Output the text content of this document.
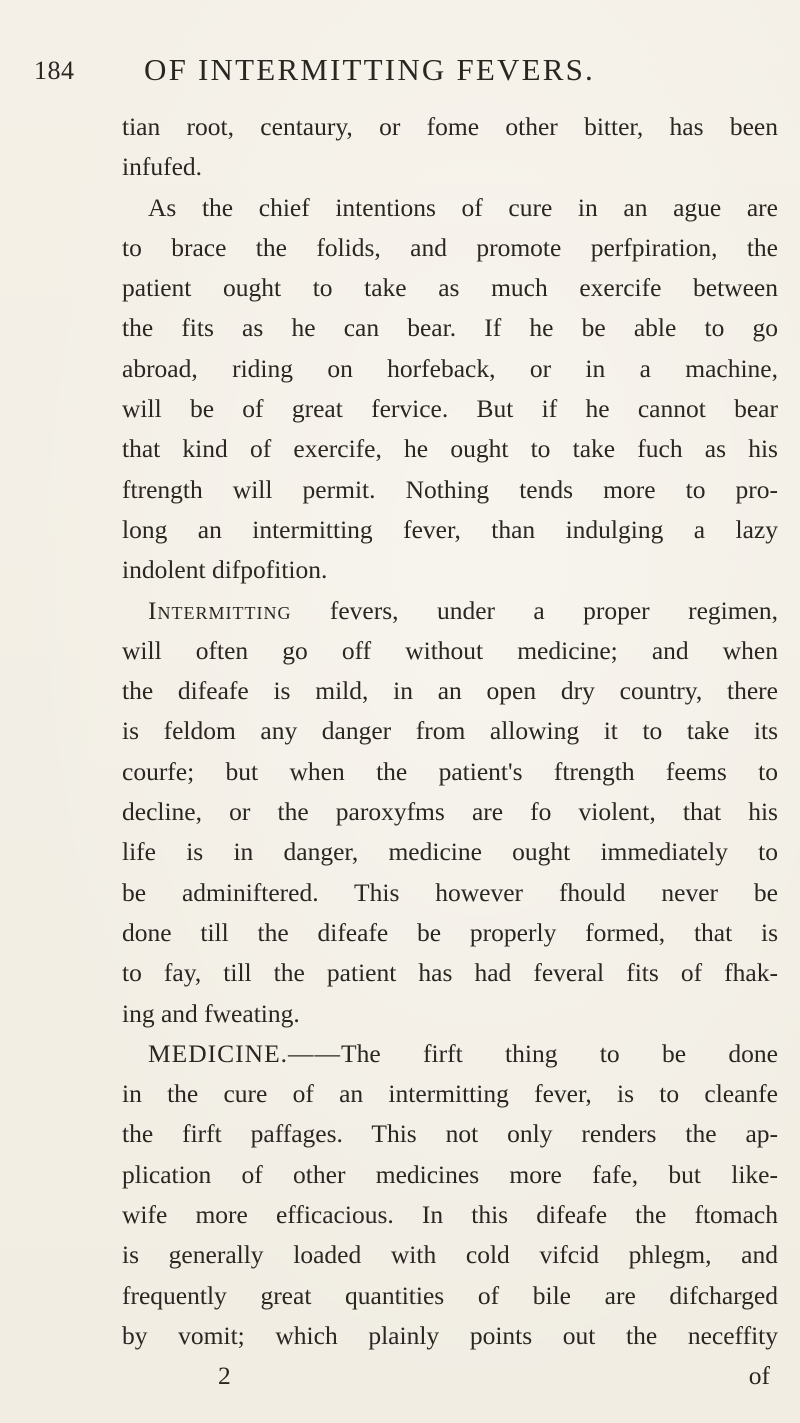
184 OF INTERMITTING FEVERS.
tian root, centaury, or fome other bitter, has been
infufed.
As the chief intentions of cure in an ague are
to brace the folids, and promote perfpiration, the
patient ought to take as much exercife between
the fits as he can bear. If he be able to go
abroad, riding on horfeback, or in a machine,
will be of great fervice. But if he cannot bear
that kind of exercife, he ought to take fuch as his
ftrength will permit. Nothing tends more to pro-
long an intermitting fever, than indulging a lazy
indolent difpofition.
Intermitting fevers, under a proper regimen,
will often go off without medicine; and when
the difeafe is mild, in an open dry country, there
is feldom any danger from allowing it to take its
courfe; but when the patient's ftrength feems to
decline, or the paroxyfms are fo violent, that his
life is in danger, medicine ought immediately to
be adminiftered. This however fhould never be
done till the difeafe be properly formed, that is
to fay, till the patient has had feveral fits of fhak-
ing and fweating.
MEDICINE.——The firft thing to be done
in the cure of an intermitting fever, is to cleanfe
the firft paffages. This not only renders the ap-
plication of other medicines more fafe, but like-
wife more efficacious. In this difeafe the ftomach
is generally loaded with cold vifcid phlegm, and
frequently great quantities of bile are difcharged
by vomit; which plainly points out the neceffity
2	of
